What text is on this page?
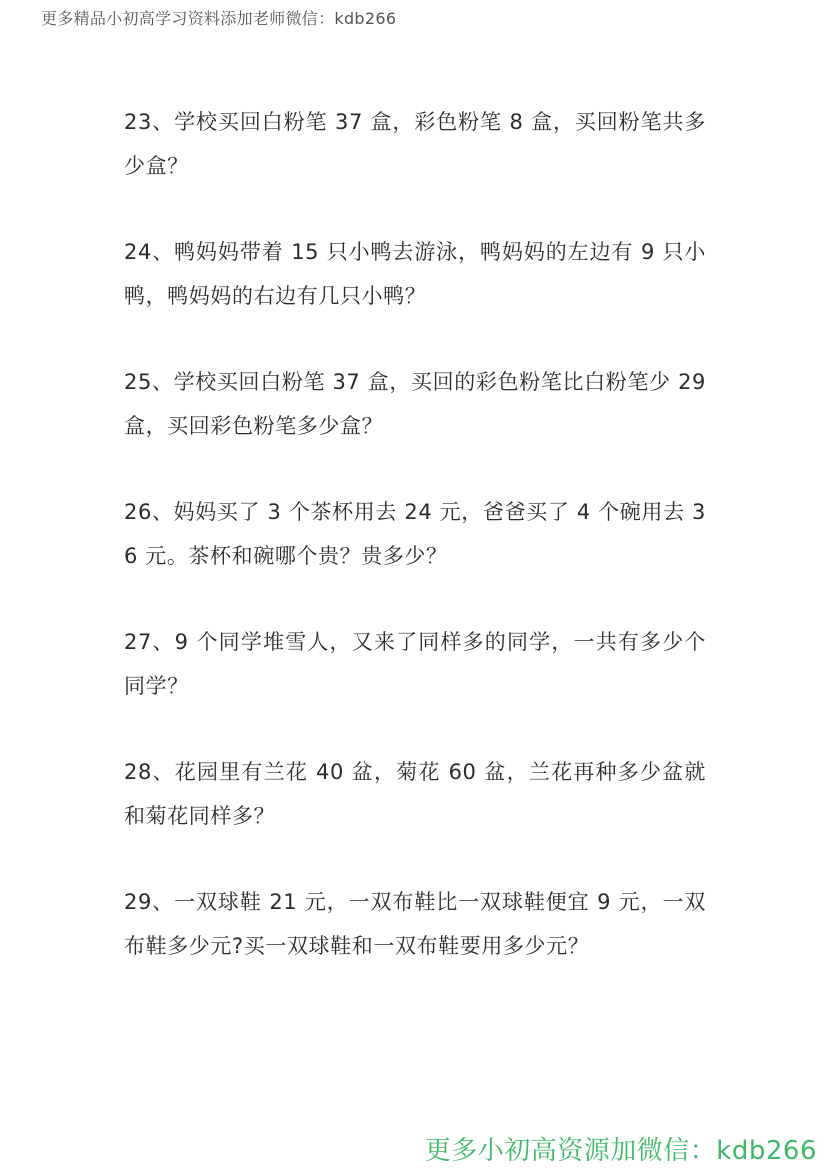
更多精品小初高学习资料添加老师微信：kdb266
23、学校买回白粉笔 37 盒，彩色粉笔 8 盒，买回粉笔共多少盒？
24、鸭妈妈带着 15 只小鸭去游泳，鸭妈妈的左边有 9 只小鸭，鸭妈妈的右边有几只小鸭？
25、学校买回白粉笔 37 盒，买回的彩色粉笔比白粉笔少 29 盒，买回彩色粉笔多少盒？
26、妈妈买了 3 个茶杯用去 24 元，爸爸买了 4 个碗用去 36 元。茶杯和碗哪个贵？贵多少？
27、9 个同学堆雪人，又来了同样多的同学，一共有多少个同学？
28、花园里有兰花 40 盆，菊花 60 盆，兰花再种多少盆就和菊花同样多？
29、一双球鞋 21 元，一双布鞋比一双球鞋便宜 9 元，一双布鞋多少元?买一双球鞋和一双布鞋要用多少元？
更多小初高资源加微信：kdb266
